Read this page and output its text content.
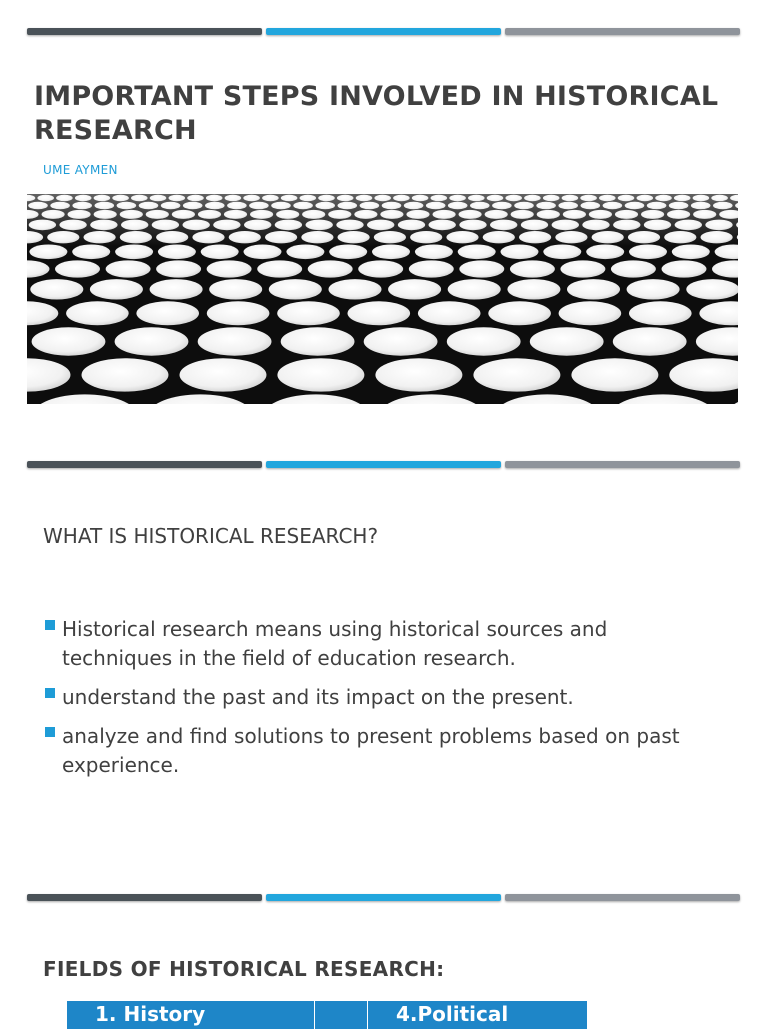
IMPORTANT STEPS INVOLVED IN HISTORICAL RESEARCH
UME AYMEN
WHAT IS HISTORICAL RESEARCH?
Historical research means using historical sources and techniques in the field of education research.
understand the past and its impact on the present.
analyze and find solutions to present problems based on past experience.
FIELDS OF HISTORICAL RESEARCH:
1. History		4.Political
